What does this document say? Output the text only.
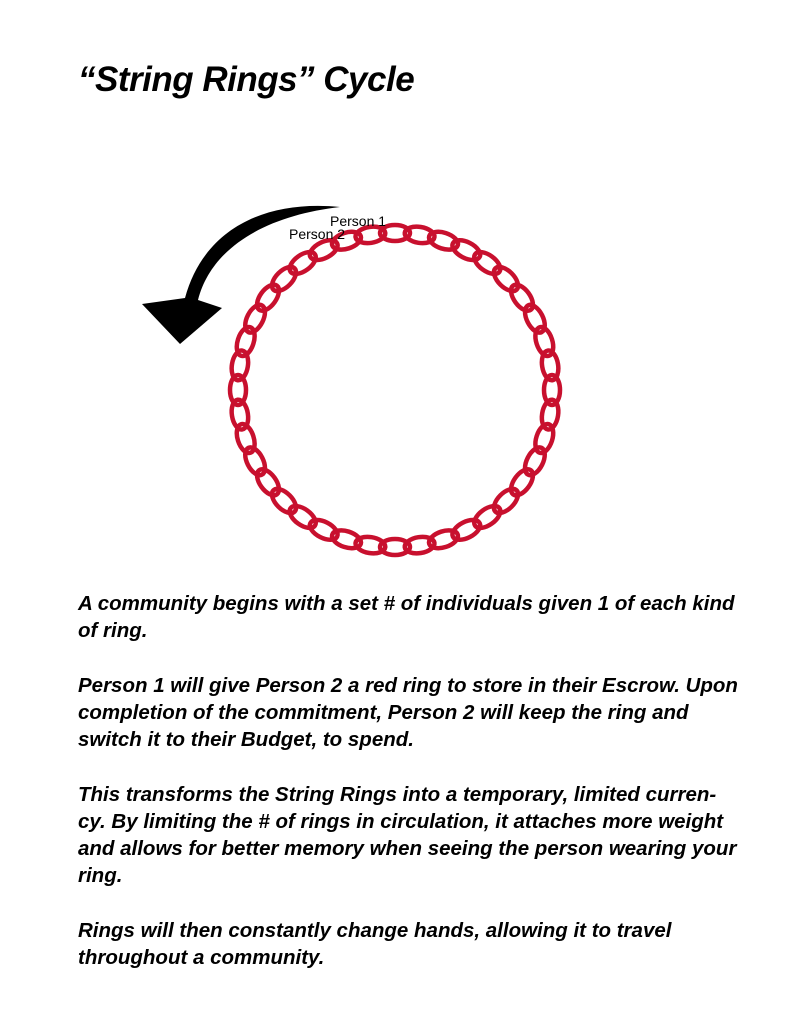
“String Rings” Cycle
Person 1
Person 2

A community begins with a set # of individuals given 1 of each kind of ring.

Person 1 will give Person 2 a red ring to store in their Escrow. Upon completion of the commitment, Person 2 will keep the ring and switch it to their Budget, to spend.

This transforms the String Rings into a temporary, limited curren-cy. By limiting the # of rings in circulation, it attaches more weight and allows for better memory when seeing the person wearing your ring.

Rings will then constantly change hands, allowing it to travel throughout a community.
